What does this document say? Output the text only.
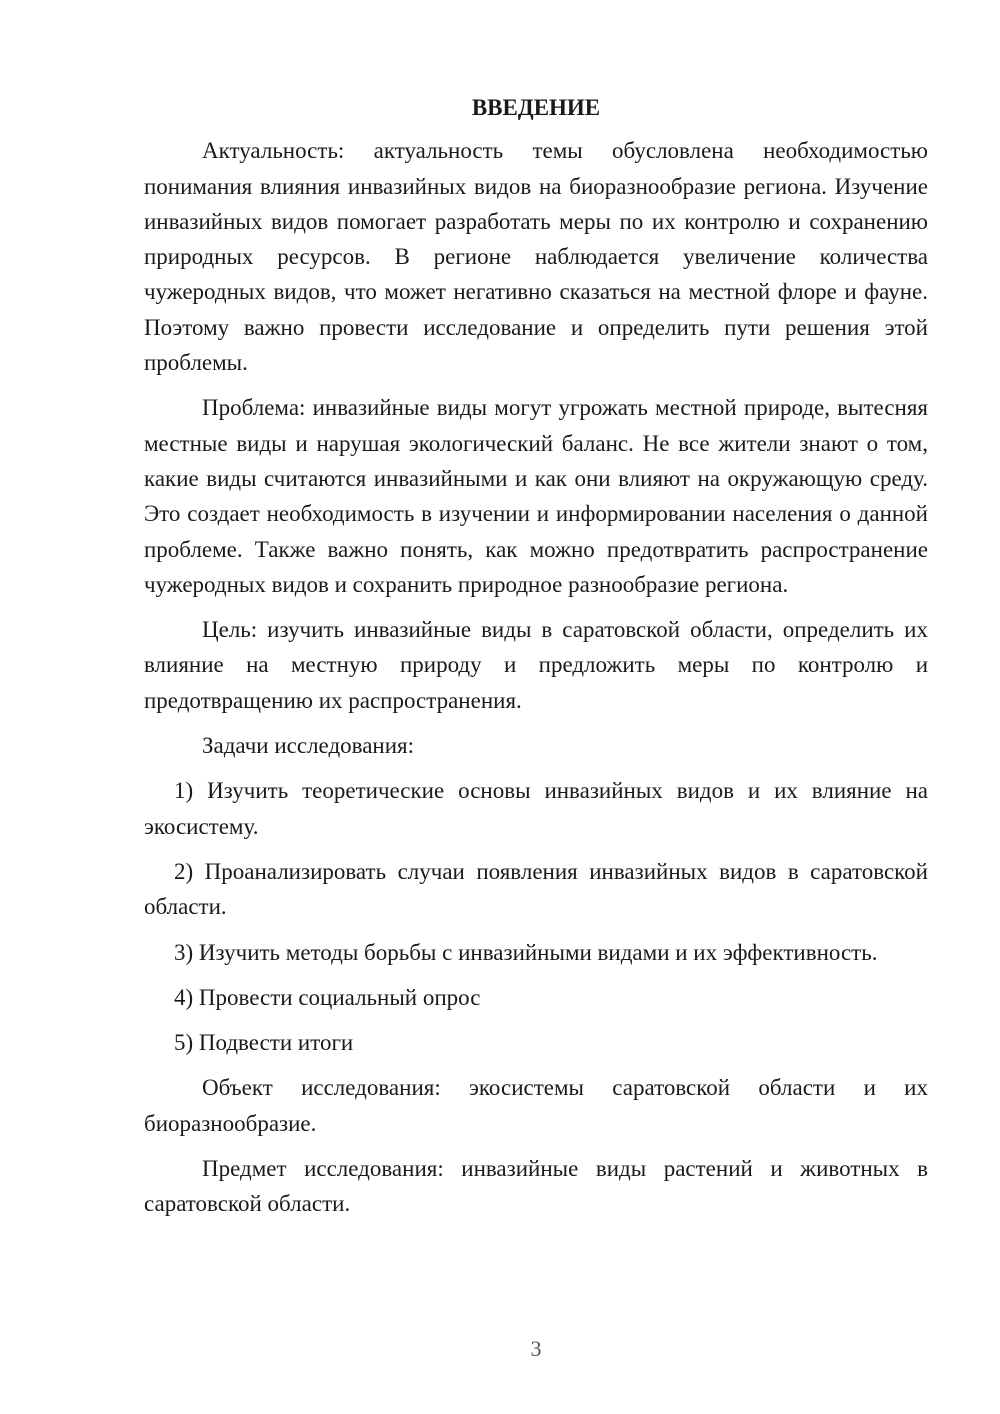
ВВЕДЕНИЕ

Актуальность: актуальность темы обусловлена необходимостью понимания влияния инвазийных видов на биоразнообразие региона. Изучение инвазийных видов помогает разработать меры по их контролю и сохранению природных ресурсов. В регионе наблюдается увеличение количества чужеродных видов, что может негативно сказаться на местной флоре и фауне. Поэтому важно провести исследование и определить пути решения этой проблемы.

Проблема: инвазийные виды могут угрожать местной природе, вытесняя местные виды и нарушая экологический баланс. Не все жители знают о том, какие виды считаются инвазийными и как они влияют на окружающую среду. Это создает необходимость в изучении и информировании населения о данной проблеме. Также важно понять, как можно предотвратить распространение чужеродных видов и сохранить природное разнообразие региона.

Цель: изучить инвазийные виды в саратовской области, определить их влияние на местную природу и предложить меры по контролю и предотвращению их распространения.

Задачи исследования:

1) Изучить теоретические основы инвазийных видов и их влияние на экосистему.

2) Проанализировать случаи появления инвазийных видов в саратовской области.

3) Изучить методы борьбы с инвазийными видами и их эффективность.

4) Провести социальный опрос

5) Подвести итоги

Объект исследования: экосистемы саратовской области и их биоразнообразие.

Предмет исследования: инвазийные виды растений и животных в саратовской области.

3
